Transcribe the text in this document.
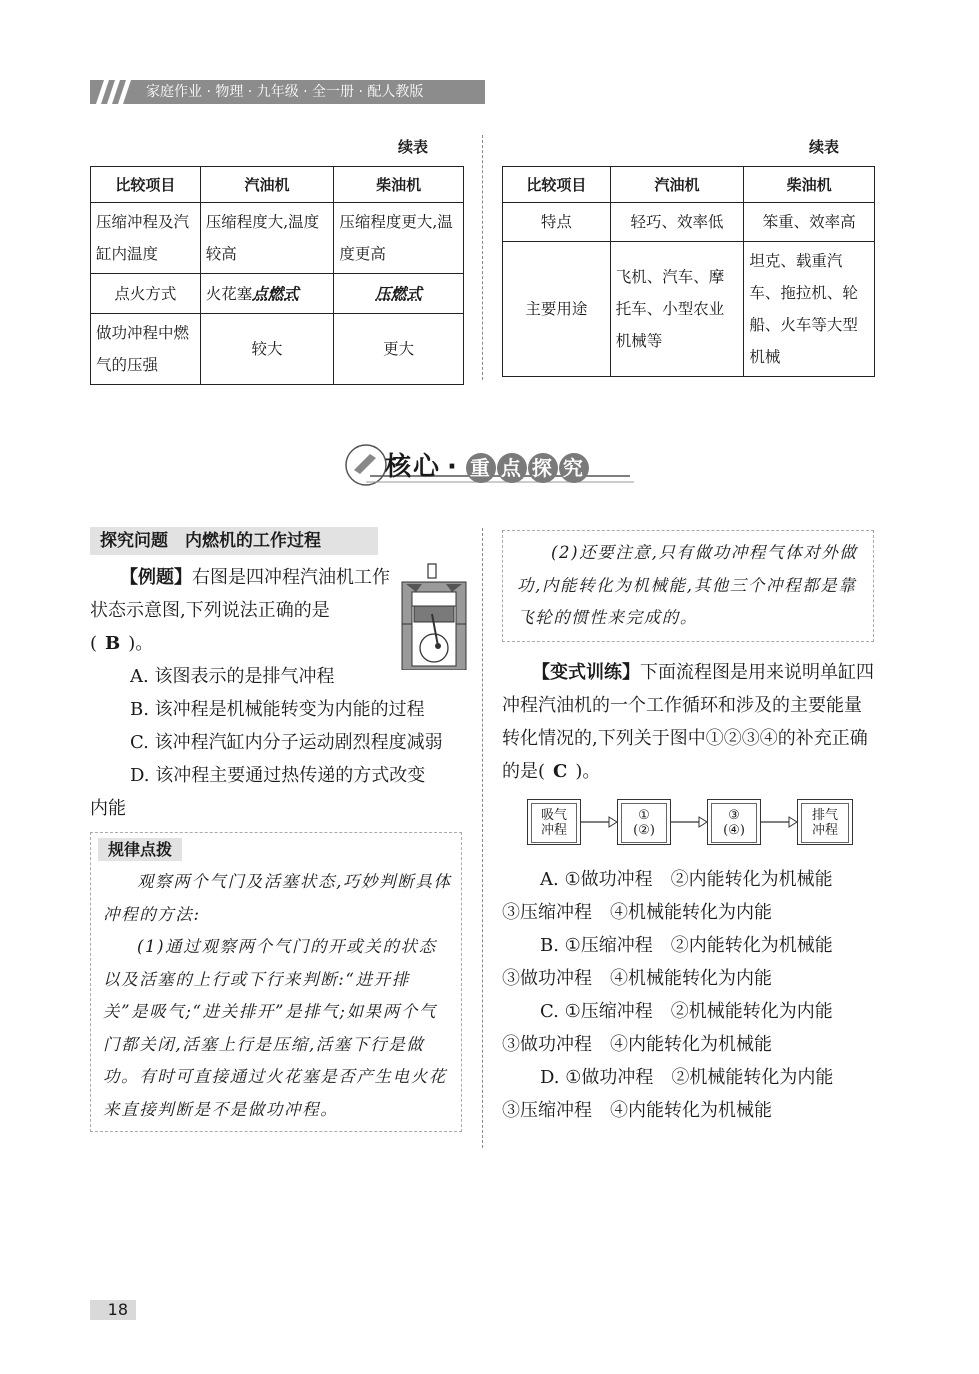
家庭作业 · 物理 · 九年级 · 全一册 · 配人教版
续表	续表
比较项目	汽油机	柴油机
压缩冲程及汽缸内温度	压缩程度大,温度较高	压缩程度更大,温度更高
点火方式	火花塞点燃式	压燃式
做功冲程中燃气的压强	较大	更大
比较项目	汽油机	柴油机
特点	轻巧、效率低	笨重、效率高
主要用途	飞机、汽车、摩托车、小型农业机械等	坦克、载重汽车、拖拉机、轮船、火车等大型机械
核心 · 重 点 探 究
探究问题　内燃机的工作过程
【例题】右图是四冲程汽油机工作状态示意图,下列说法正确的是( B )。
A. 该图表示的是排气冲程
B. 该冲程是机械能转变为内能的过程
C. 该冲程汽缸内分子运动剧烈程度减弱
D. 该冲程主要通过热传递的方式改变
内能
规律点拨
观察两个气门及活塞状态,巧妙判断具体冲程的方法:
(1)通过观察两个气门的开或关的状态以及活塞的上行或下行来判断:“进开排关”是吸气;“进关排开”是排气;如果两个气门都关闭,活塞上行是压缩,活塞下行是做功。有时可直接通过火花塞是否产生电火花来直接判断是不是做功冲程。
(2)还要注意,只有做功冲程气体对外做功,内能转化为机械能,其他三个冲程都是靠飞轮的惯性来完成的。
【变式训练】下面流程图是用来说明单缸四冲程汽油机的一个工作循环和涉及的主要能量转化情况的,下列关于图中①②③④的补充正确的是( C )。
吸气
冲程
①
(②)
③
(④)
排气
冲程
A. ①做功冲程　②内能转化为机械能
③压缩冲程　④机械能转化为内能
B. ①压缩冲程　②内能转化为机械能
③做功冲程　④机械能转化为内能
C. ①压缩冲程　②机械能转化为内能
③做功冲程　④内能转化为机械能
D. ①做功冲程　②机械能转化为内能
③压缩冲程　④内能转化为机械能
18
